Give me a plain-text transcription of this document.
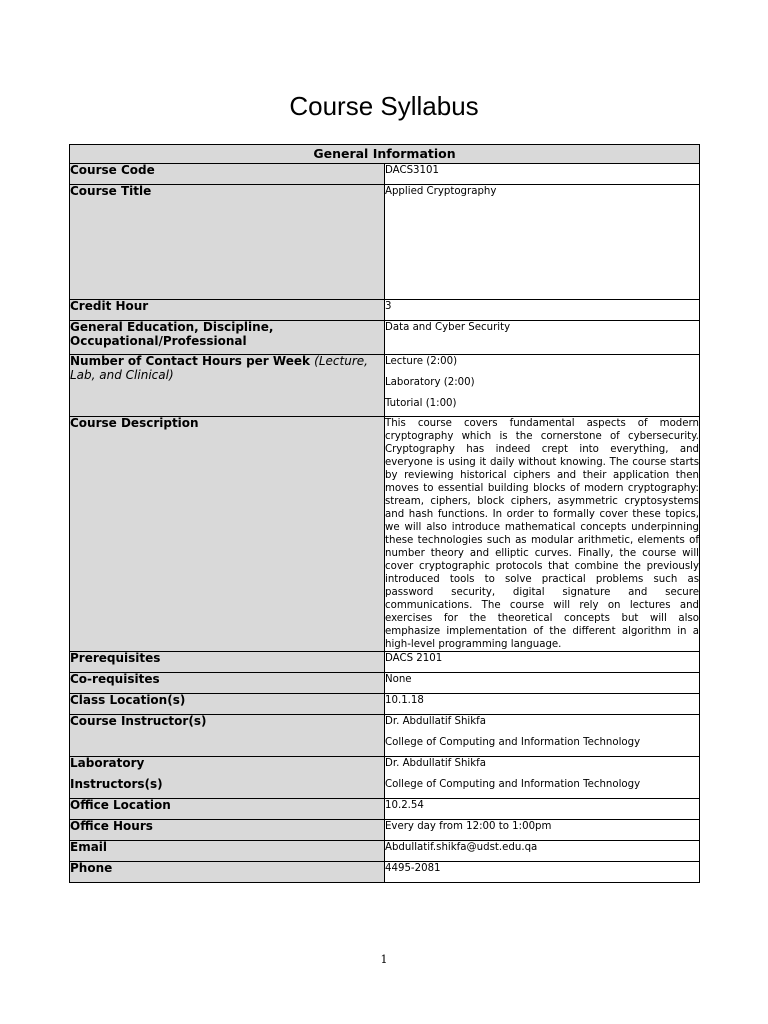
Course Syllabus
General Information	
Course Code	DACS3101
Course Title	Applied Cryptography
Credit Hour	3
General Education, Discipline, Occupational/Professional	Data and Cyber Security
Number of Contact Hours per Week (Lecture, Lab, and Clinical)	Lecture (2:00)
Laboratory (2:00)
Tutorial (1:00)

Course Description	This course covers fundamental aspects of modern cryptography which is the cornerstone of cybersecurity. Cryptography has indeed crept into everything, and everyone is using it daily without knowing. The course starts by reviewing historical ciphers and their application then moves to essential building blocks of modern cryptography: stream, ciphers, block ciphers, asymmetric cryptosystems and hash functions. In order to formally cover these topics, we will also introduce mathematical concepts underpinning these technologies such as modular arithmetic, elements of number theory and elliptic curves. Finally, the course will cover cryptographic protocols that combine the previously introduced tools to solve practical problems such as password security, digital signature and secure communications. The course will rely on lectures and exercises for the theoretical concepts but will also emphasize implementation of the different algorithm in a high-level programming language.
Prerequisites	DACS 2101
Co-requisites	None
Class Location(s)	10.1.18
Course Instructor(s)	Dr. Abdullatif Shikfa
College of Computing and Information Technology

Laboratory
Instructors(s)	Dr. Abdullatif Shikfa
College of Computing and Information Technology

Office Location	10.2.54
Office Hours	Every day from 12:00 to 1:00pm
Email	Abdullatif.shikfa@udst.edu.qa
Phone	4495-2081
1
